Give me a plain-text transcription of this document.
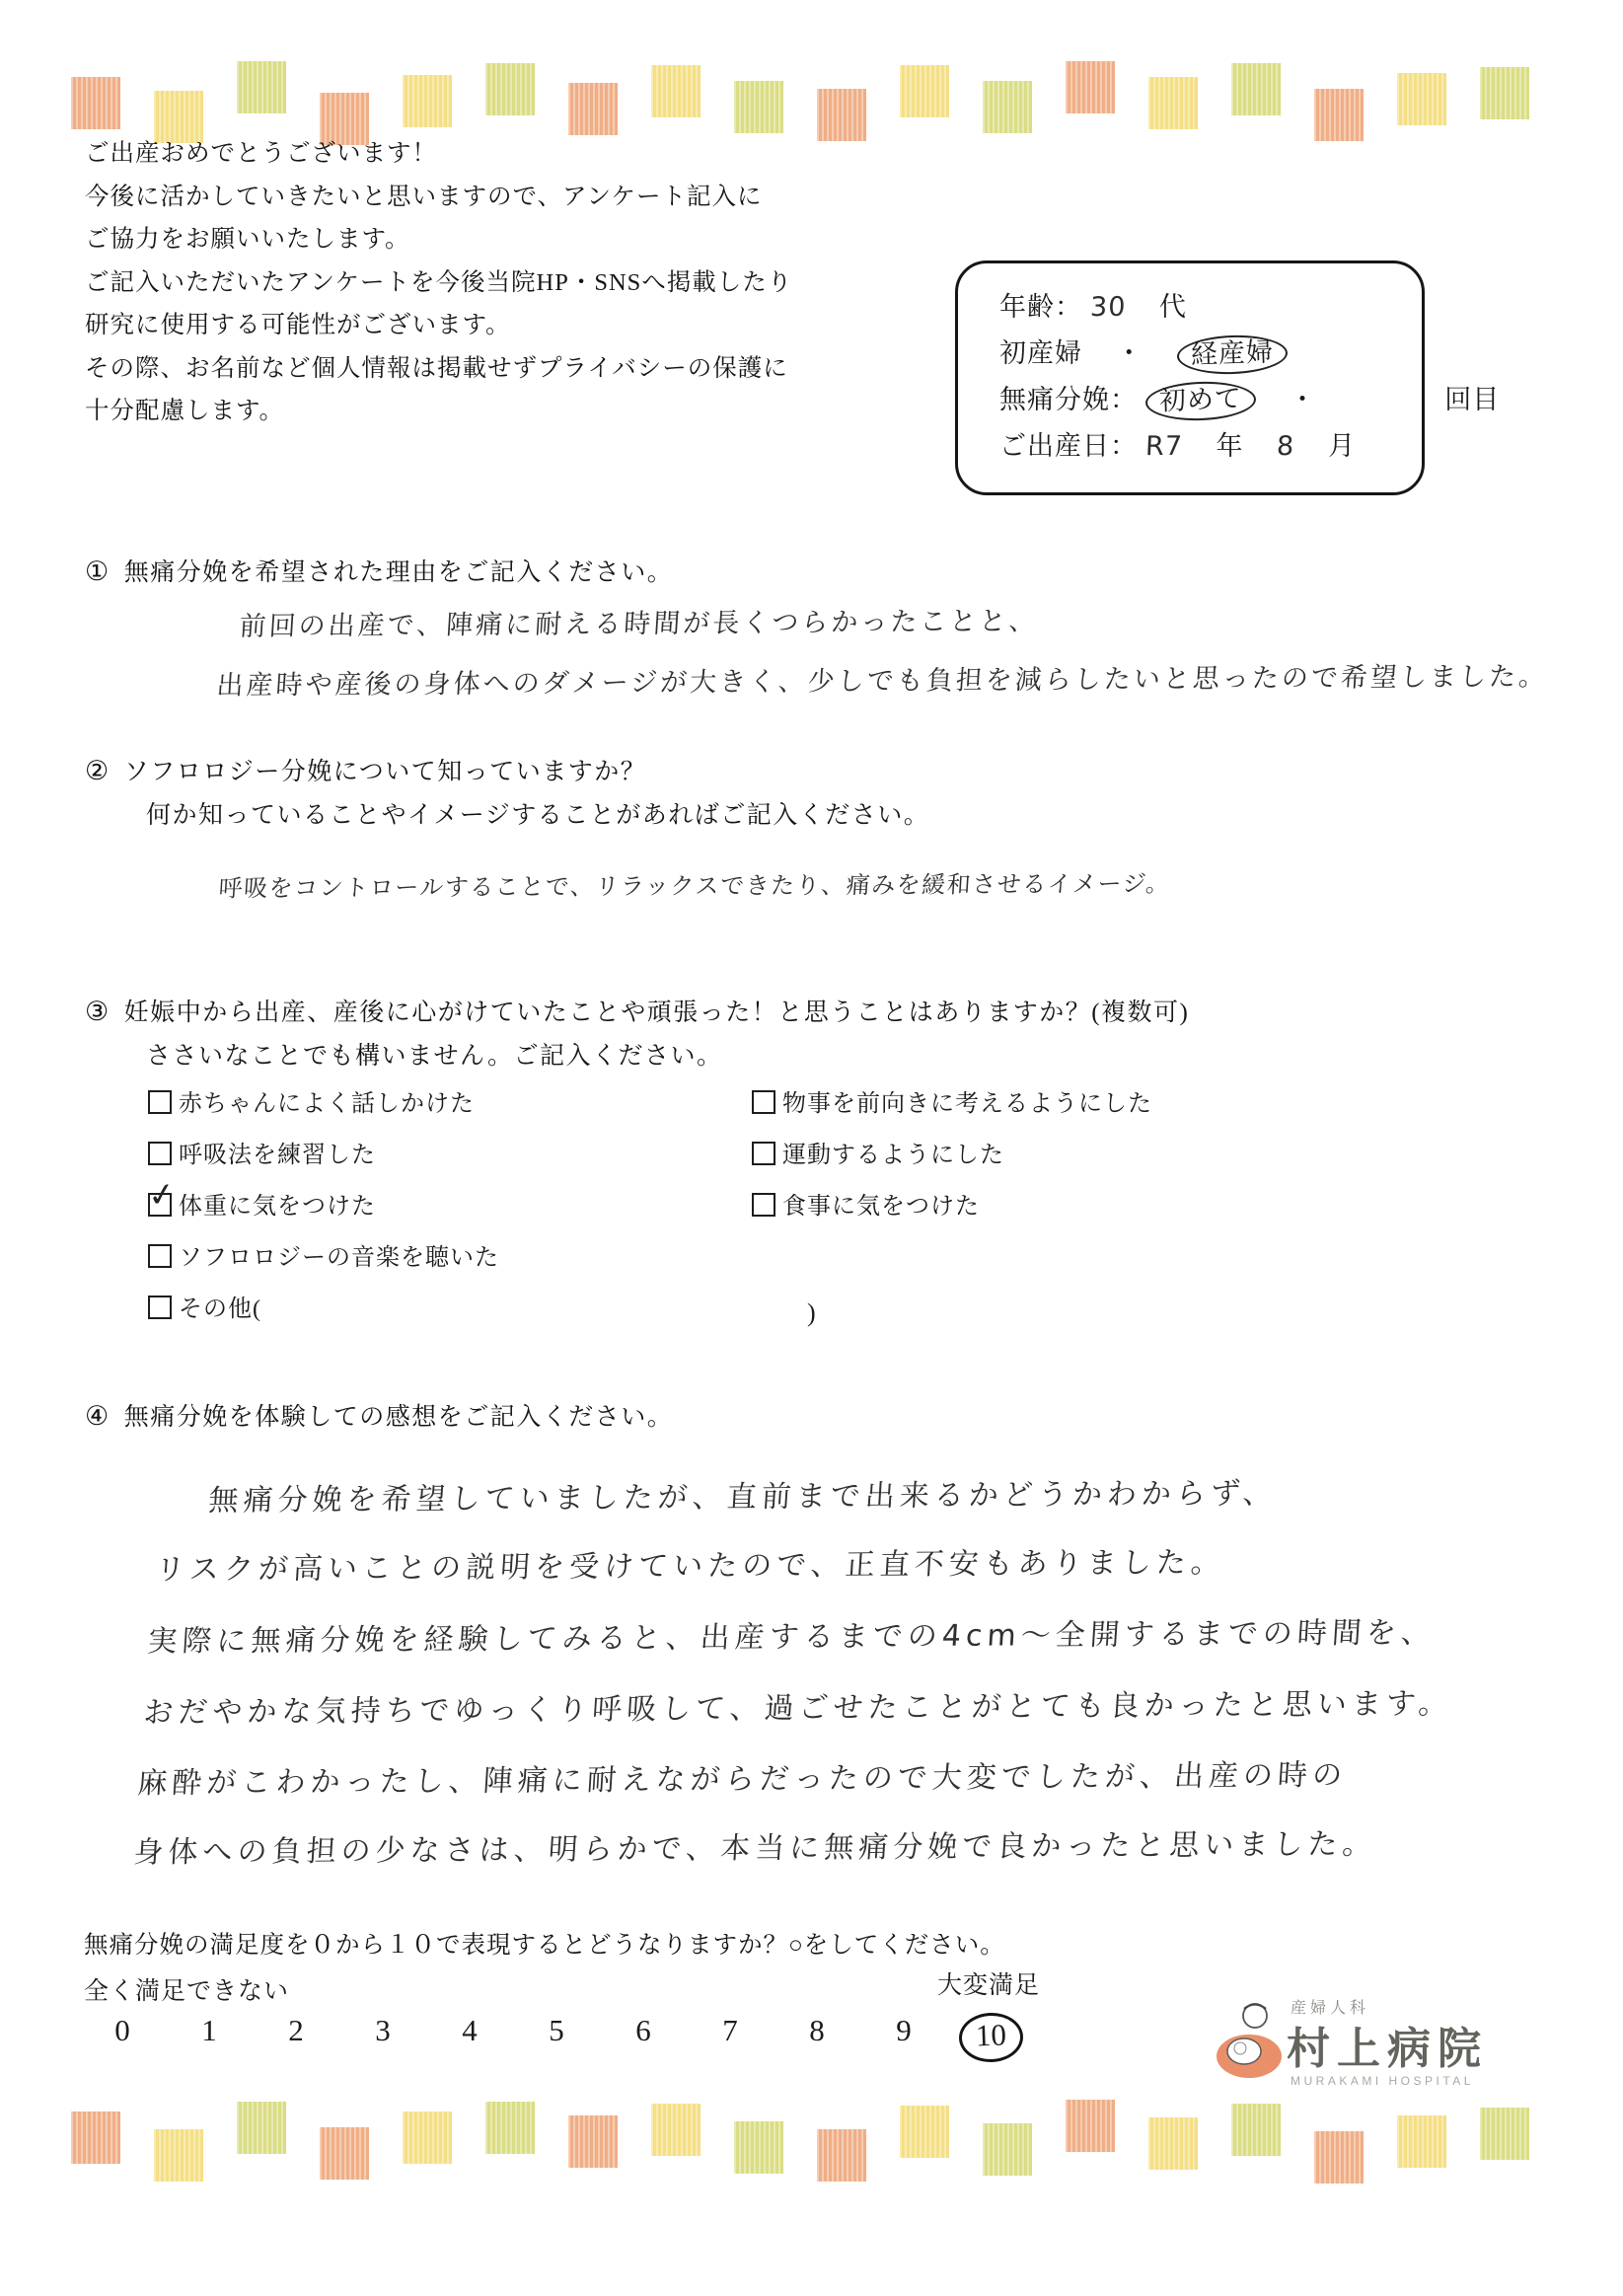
ご出産おめでとうございます！
今後に活かしていきたいと思いますので、アンケート記入に
ご協力をお願いいたします。
ご記入いただいたアンケートを今後当院HP・SNSへ掲載したり
研究に使用する可能性がございます。
その際、お名前など個人情報は掲載せずプライバシーの保護に
十分配慮します。
年齢： 30 代
初産婦 ・ 経産婦
無痛分娩： 初めて ・	回目
ご出産日： R7 年 8 月
① 無痛分娩を希望された理由をご記入ください。
前回の出産で、陣痛に耐える時間が長くつらかったことと、
出産時や産後の身体へのダメージが大きく、少しでも負担を減らしたいと思ったので希望しました。
② ソフロロジー分娩について知っていますか？
何か知っていることやイメージすることがあればご記入ください。
呼吸をコントロールすることで、リラックスできたり、痛みを緩和させるイメージ。
③ 妊娠中から出産、産後に心がけていたことや頑張った！と思うことはありますか？(複数可)
ささいなことでも構いません。ご記入ください。
赤ちゃんによく話しかけた
呼吸法を練習した
✓体重に気をつけた
ソフロロジーの音楽を聴いた
その他(
物事を前向きに考えるようにした
運動するようにした
食事に気をつけた
)
④ 無痛分娩を体験しての感想をご記入ください。
無痛分娩を希望していましたが、直前まで出来るかどうかわからず、
リスクが高いことの説明を受けていたので、正直不安もありました。
実際に無痛分娩を経験してみると、出産するまでの4cm〜全開するまでの時間を、
おだやかな気持ちでゆっくり呼吸して、過ごせたことがとても良かったと思います。
麻酔がこわかったし、陣痛に耐えながらだったので大変でしたが、出産の時の
身体への負担の少なさは、明らかで、本当に無痛分娩で良かったと思いました。
無痛分娩の満足度を０から１０で表現するとどうなりますか？○をしてください。
全く満足できない	大変満足
0	1	2	3	4	5	6	7	8	9	10
産婦人科
村上病院
MURAKAMI HOSPITAL
